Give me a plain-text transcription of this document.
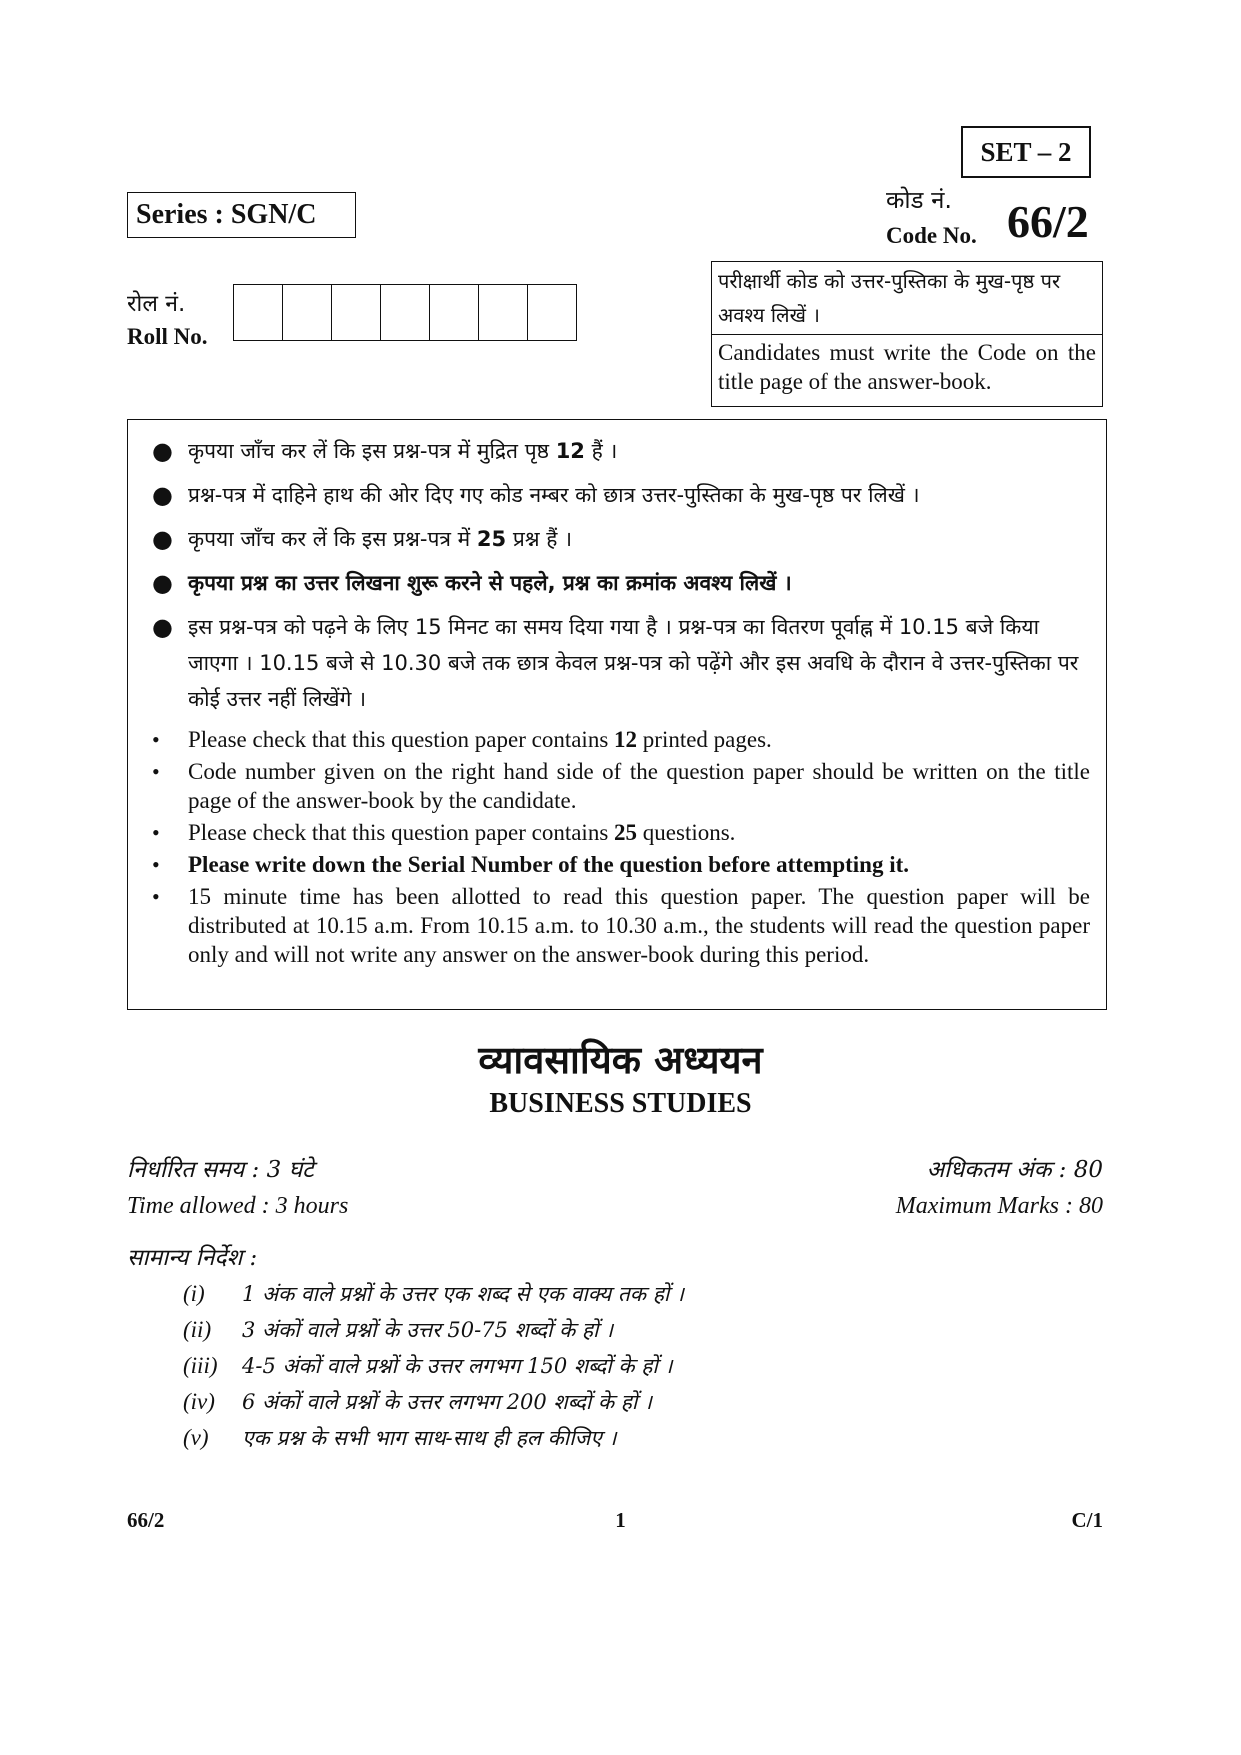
SET – 2
Series : SGN/C	कोड नं.
Code No. 66/2
रोल नं.
Roll No.
परीक्षार्थी कोड को उत्तर-पुस्तिका के मुख-पृष्ठ पर अवश्य लिखें ।
Candidates must write the Code on the title page of the answer-book.
● कृपया जाँच कर लें कि इस प्रश्न-पत्र में मुद्रित पृष्ठ 12 हैं ।
● प्रश्न-पत्र में दाहिने हाथ की ओर दिए गए कोड नम्बर को छात्र उत्तर-पुस्तिका के मुख-पृष्ठ पर लिखें ।
● कृपया जाँच कर लें कि इस प्रश्न-पत्र में 25 प्रश्न हैं ।
● कृपया प्रश्न का उत्तर लिखना शुरू करने से पहले, प्रश्न का क्रमांक अवश्य लिखें ।
● इस प्रश्न-पत्र को पढ़ने के लिए 15 मिनट का समय दिया गया है । प्रश्न-पत्र का वितरण पूर्वाह्न में 10.15 बजे किया जाएगा । 10.15 बजे से 10.30 बजे तक छात्र केवल प्रश्न-पत्र को पढ़ेंगे और इस अवधि के दौरान वे उत्तर-पुस्तिका पर कोई उत्तर नहीं लिखेंगे ।
• Please check that this question paper contains 12 printed pages.
• Code number given on the right hand side of the question paper should be written on the title page of the answer-book by the candidate.
• Please check that this question paper contains 25 questions.
• Please write down the Serial Number of the question before attempting it.
• 15 minute time has been allotted to read this question paper. The question paper will be distributed at 10.15 a.m. From 10.15 a.m. to 10.30 a.m., the students will read the question paper only and will not write any answer on the answer-book during this period.
व्यावसायिक अध्ययन
BUSINESS STUDIES
निर्धारित समय : 3 घंटे
Time allowed : 3 hours
अधिकतम अंक : 80
Maximum Marks : 80
सामान्य निर्देश :
(i)	1 अंक वाले प्रश्नों के उत्तर एक शब्द से एक वाक्य तक हों ।
(ii)	3 अंकों वाले प्रश्नों के उत्तर 50-75 शब्दों के हों ।
(iii)	4-5 अंकों वाले प्रश्नों के उत्तर लगभग 150 शब्दों के हों ।
(iv)	6 अंकों वाले प्रश्नों के उत्तर लगभग 200 शब्दों के हों ।
(v)	एक प्रश्न के सभी भाग साथ-साथ ही हल कीजिए ।
66/2	1	C/1
